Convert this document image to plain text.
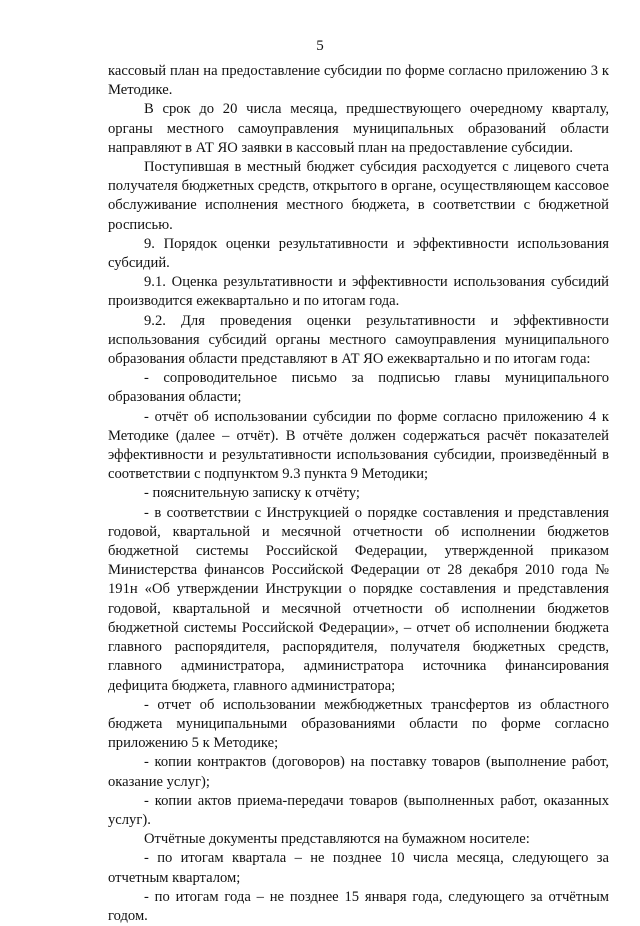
5

кассовый план на предоставление субсидии по форме согласно приложению 3 к Методике.

В срок до 20 числа месяца, предшествующего очередному кварталу, органы местного самоуправления муниципальных образований области направляют в АТ ЯО заявки в кассовый план на предоставление субсидии.

Поступившая в местный бюджет субсидия расходуется с лицевого счета получателя бюджетных средств, открытого в органе, осуществляющем кассовое обслуживание исполнения местного бюджета, в соответствии с бюджетной росписью.

9. Порядок оценки результативности и эффективности использования субсидий.

9.1. Оценка результативности и эффективности использования субсидий производится ежеквартально и по итогам года.

9.2. Для проведения оценки результативности и эффективности использования субсидий органы местного самоуправления муниципального образования области представляют в АТ ЯО ежеквартально и по итогам года:

- сопроводительное письмо за подписью главы муниципального образования области;

- отчёт об использовании субсидии по форме согласно приложению 4 к Методике (далее – отчёт). В отчёте должен содержаться расчёт показателей эффективности и результативности использования субсидии, произведённый в соответствии с подпунктом 9.3 пункта 9 Методики;

- пояснительную записку к отчёту;

- в соответствии с Инструкцией о порядке составления и представления годовой, квартальной и месячной отчетности об исполнении бюджетов бюджетной системы Российской Федерации, утвержденной приказом Министерства финансов Российской Федерации от 28 декабря 2010 года № 191н «Об утверждении Инструкции о порядке составления и представления годовой, квартальной и месячной отчетности об исполнении бюджетов бюджетной системы Российской Федерации», – отчет об исполнении бюджета главного распорядителя, распорядителя, получателя бюджетных средств, главного администратора, администратора источника финансирования дефицита бюджета, главного администратора;

- отчет об использовании межбюджетных трансфертов из областного бюджета муниципальными образованиями области по форме согласно приложению 5 к Методике;

- копии контрактов (договоров) на поставку товаров (выполнение работ, оказание услуг);

- копии актов приема-передачи товаров (выполненных работ, оказанных услуг).

Отчётные документы представляются на бумажном носителе:

- по итогам квартала – не позднее 10 числа месяца, следующего за отчетным кварталом;

- по итогам года – не позднее 15 января года, следующего за отчётным годом.
